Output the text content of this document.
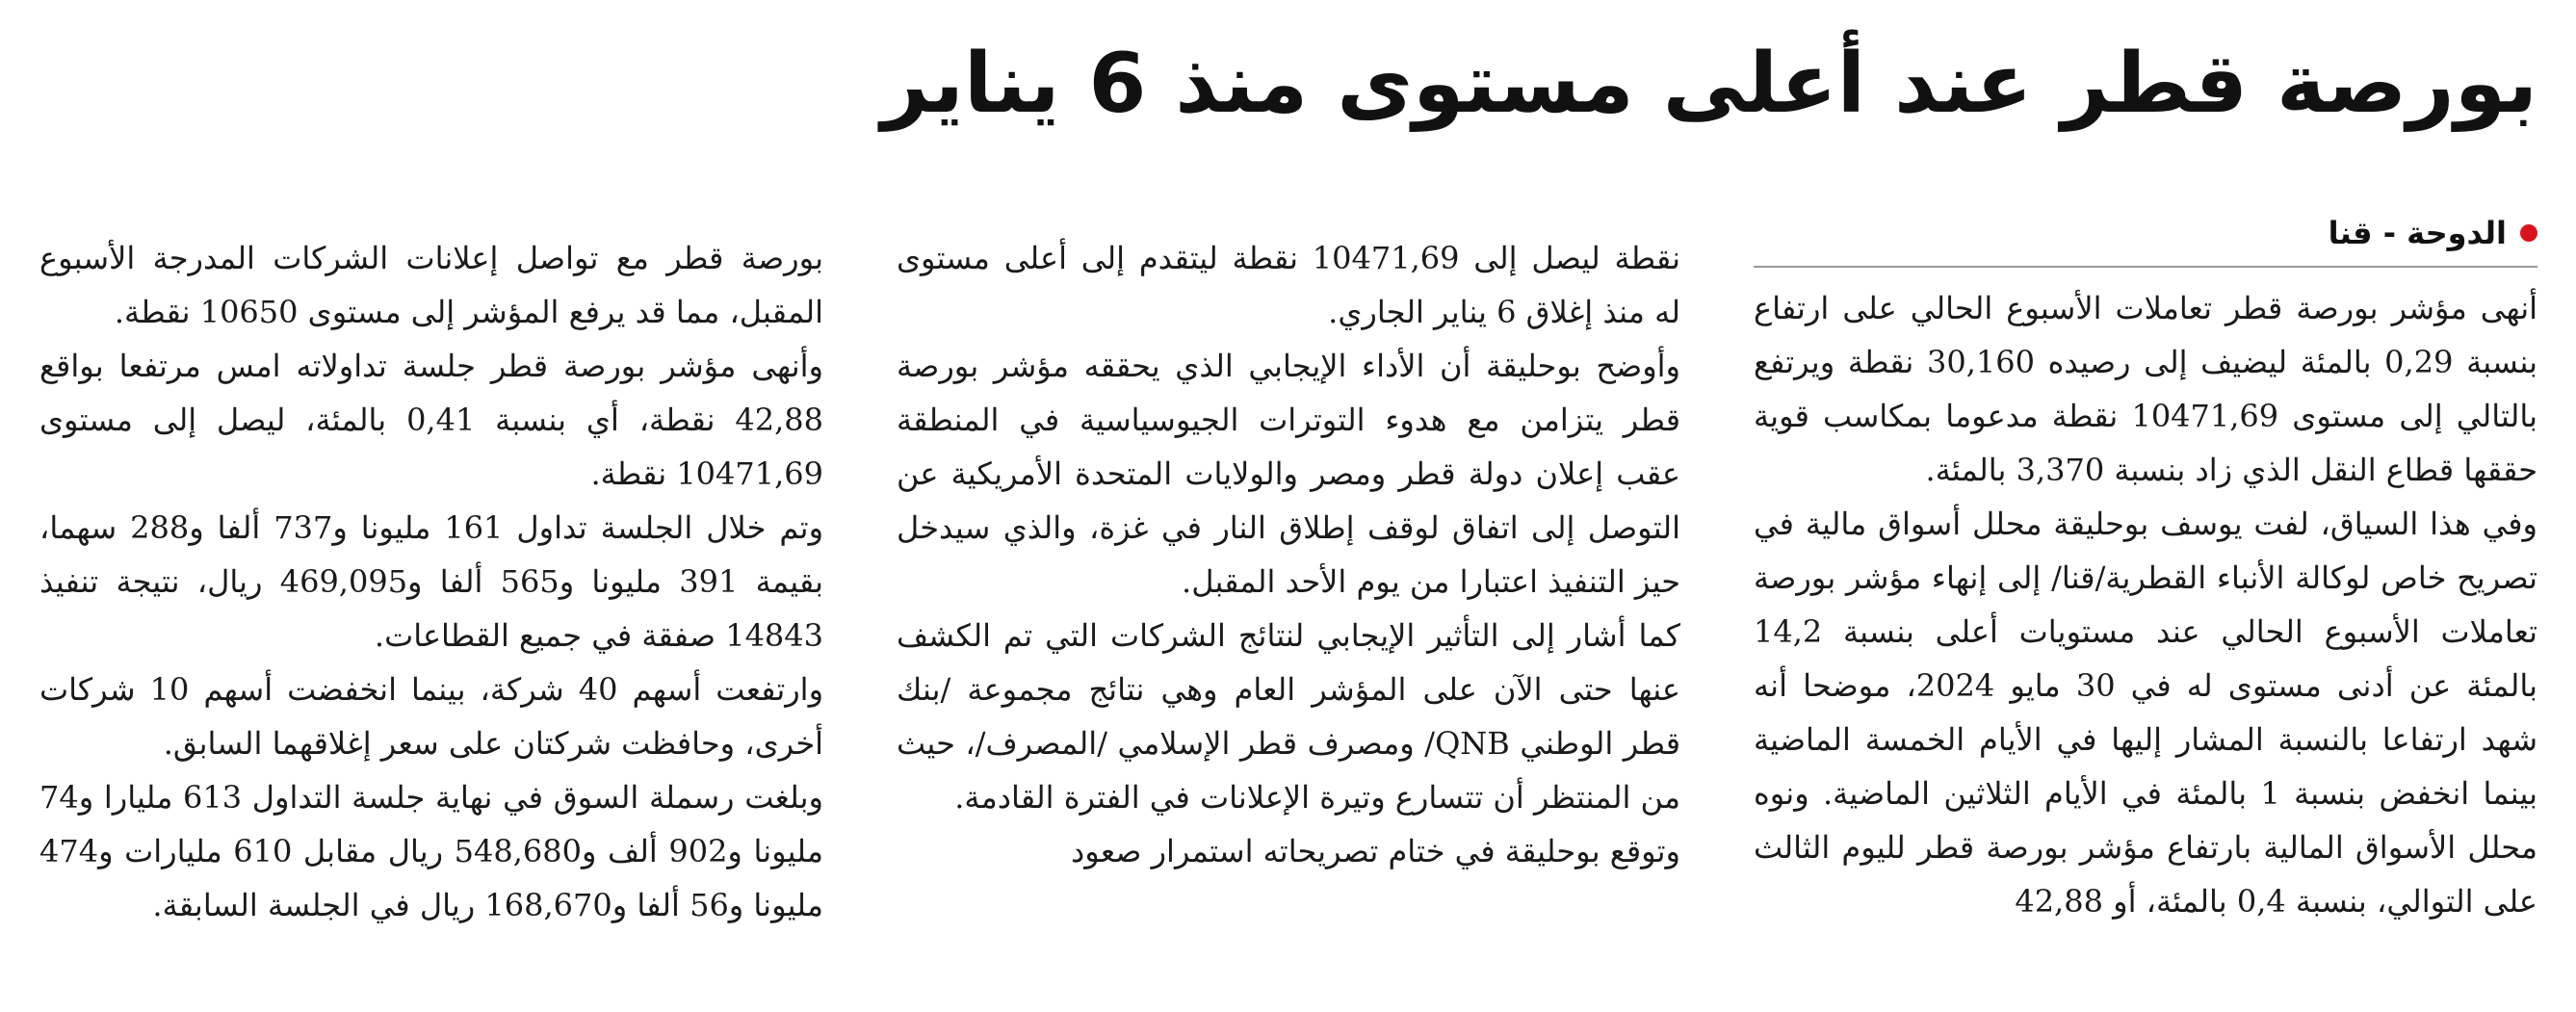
بورصة قطر عند أعلى مستوى منذ 6 يناير
الدوحة - قنا

أنهى مؤشر بورصة قطر تعاملات الأسبوع الحالي على ارتفاع بنسبة 0,29 بالمئة ليضيف إلى رصيده 30,160 نقطة ويرتفع بالتالي إلى مستوى 10471,69 نقطة مدعوما بمكاسب قوية حققها قطاع النقل الذي زاد بنسبة 3,370 بالمئة.

وفي هذا السياق، لفت يوسف بوحليقة محلل أسواق مالية في تصريح خاص لوكالة الأنباء القطرية/قنا/ إلى إنهاء مؤشر بورصة تعاملات الأسبوع الحالي عند مستويات أعلى بنسبة 14,2 بالمئة عن أدنى مستوى له في 30 مايو 2024، موضحا أنه شهد ارتفاعا بالنسبة المشار إليها في الأيام الخمسة الماضية بينما انخفض بنسبة 1 بالمئة في الأيام الثلاثين الماضية. ونوه محلل الأسواق المالية بارتفاع مؤشر بورصة قطر لليوم الثالث على التوالي، بنسبة 0,4 بالمئة، أو 42,88

نقطة ليصل إلى 10471,69 نقطة ليتقدم إلى أعلى مستوى له منذ إغلاق 6 يناير الجاري.

وأوضح بوحليقة أن الأداء الإيجابي الذي يحققه مؤشر بورصة قطر يتزامن مع هدوء التوترات الجيوسياسية في المنطقة عقب إعلان دولة قطر ومصر والولايات المتحدة الأمريكية عن التوصل إلى اتفاق لوقف إطلاق النار في غزة، والذي سيدخل حيز التنفيذ اعتبارا من يوم الأحد المقبل.

كما أشار إلى التأثير الإيجابي لنتائج الشركات التي تم الكشف عنها حتى الآن على المؤشر العام وهي نتائج مجموعة /بنك قطر الوطني QNB/ ومصرف قطر الإسلامي /المصرف/، حيث من المنتظر أن تتسارع وتيرة الإعلانات في الفترة القادمة.

وتوقع بوحليقة في ختام تصريحاته استمرار صعود

بورصة قطر مع تواصل إعلانات الشركات المدرجة الأسبوع المقبل، مما قد يرفع المؤشر إلى مستوى 10650 نقطة.

وأنهى مؤشر بورصة قطر جلسة تداولاته امس مرتفعا بواقع 42,88 نقطة، أي بنسبة 0,41 بالمئة، ليصل إلى مستوى 10471,69 نقطة.

وتم خلال الجلسة تداول 161 مليونا و737 ألفا و288 سهما، بقيمة 391 مليونا و565 ألفا و469,095 ريال، نتيجة تنفيذ 14843 صفقة في جميع القطاعات.

وارتفعت أسهم 40 شركة، بينما انخفضت أسهم 10 شركات أخرى، وحافظت شركتان على سعر إغلاقهما السابق.

وبلغت رسملة السوق في نهاية جلسة التداول 613 مليارا و74 مليونا و902 ألف و548,680 ريال مقابل 610 مليارات و474 مليونا و56 ألفا و168,670 ريال في الجلسة السابقة.
